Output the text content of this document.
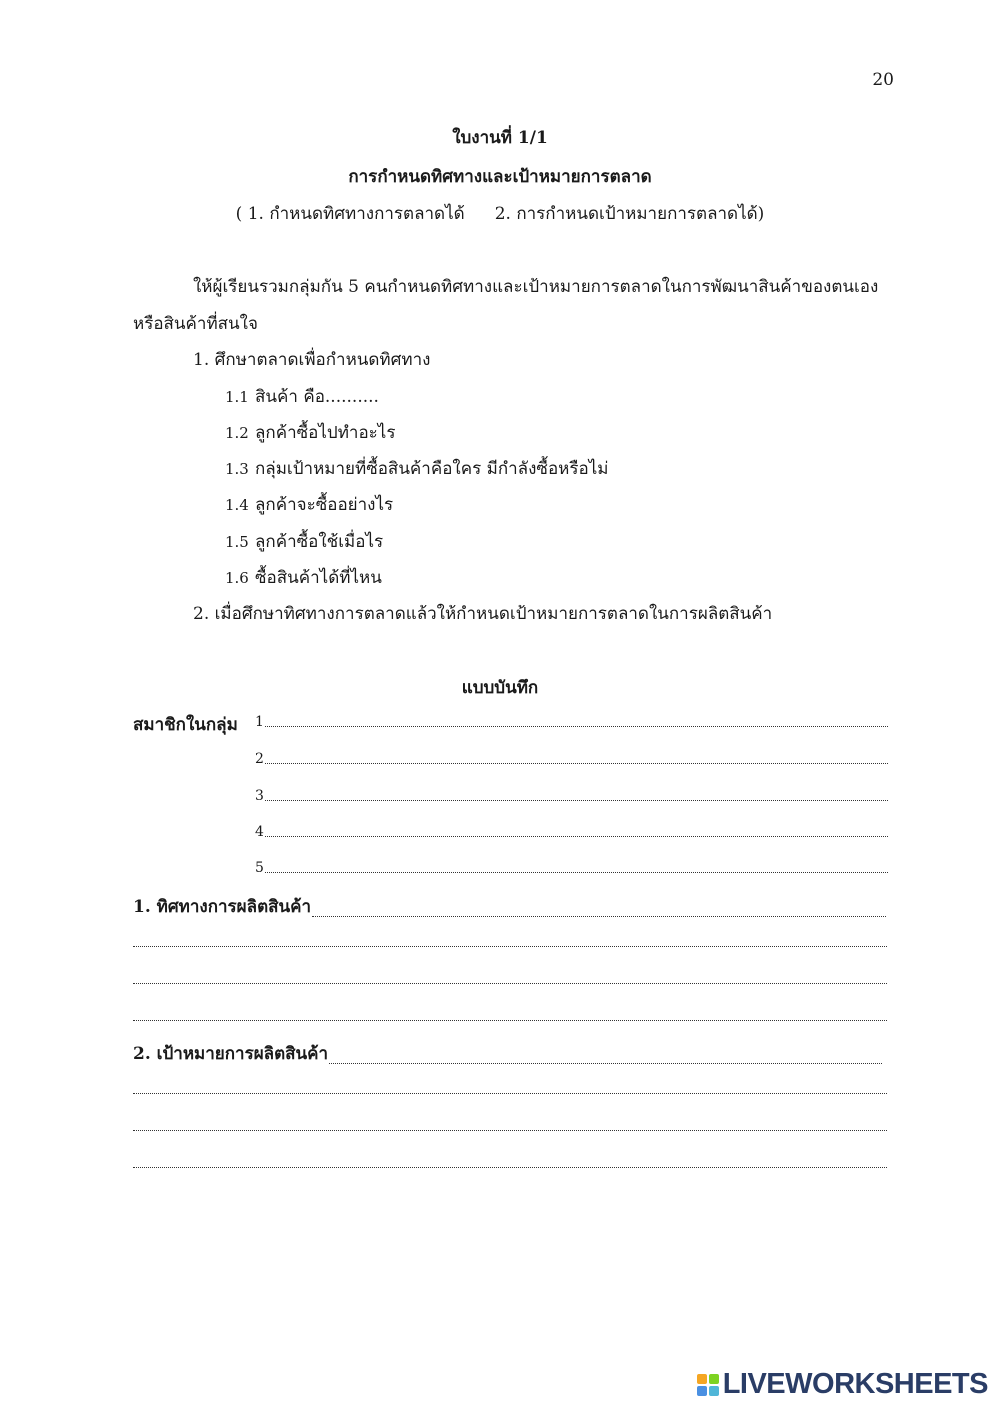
20
ใบงานที่ 1/1
การกำหนดทิศทางและเป้าหมายการตลาด
( 1. กำหนดทิศทางการตลาดได้ 2. การกำหนดเป้าหมายการตลาดได้)
ให้ผู้เรียนรวมกลุ่มกัน 5 คนกำหนดทิศทางและเป้าหมายการตลาดในการพัฒนาสินค้าของตนเอง
หรือสินค้าที่สนใจ
1. ศึกษาตลาดเพื่อกำหนดทิศทาง
1.1 สินค้า คือ..........
1.2 ลูกค้าซื้อไปทำอะไร
1.3 กลุ่มเป้าหมายที่ซื้อสินค้าคือใคร มีกำลังซื้อหรือไม่
1.4 ลูกค้าจะซื้ออย่างไร
1.5 ลูกค้าซื้อใช้เมื่อไร
1.6 ซื้อสินค้าได้ที่ไหน
2. เมื่อศึกษาทิศทางการตลาดแล้วให้กำหนดเป้าหมายการตลาดในการผลิตสินค้า
แบบบันทึก
สมาชิกในกลุ่ม 1
2
3
4
5
1. ทิศทางการผลิตสินค้า
2. เป้าหมายการผลิตสินค้า
LIVEWORKSHEETS
